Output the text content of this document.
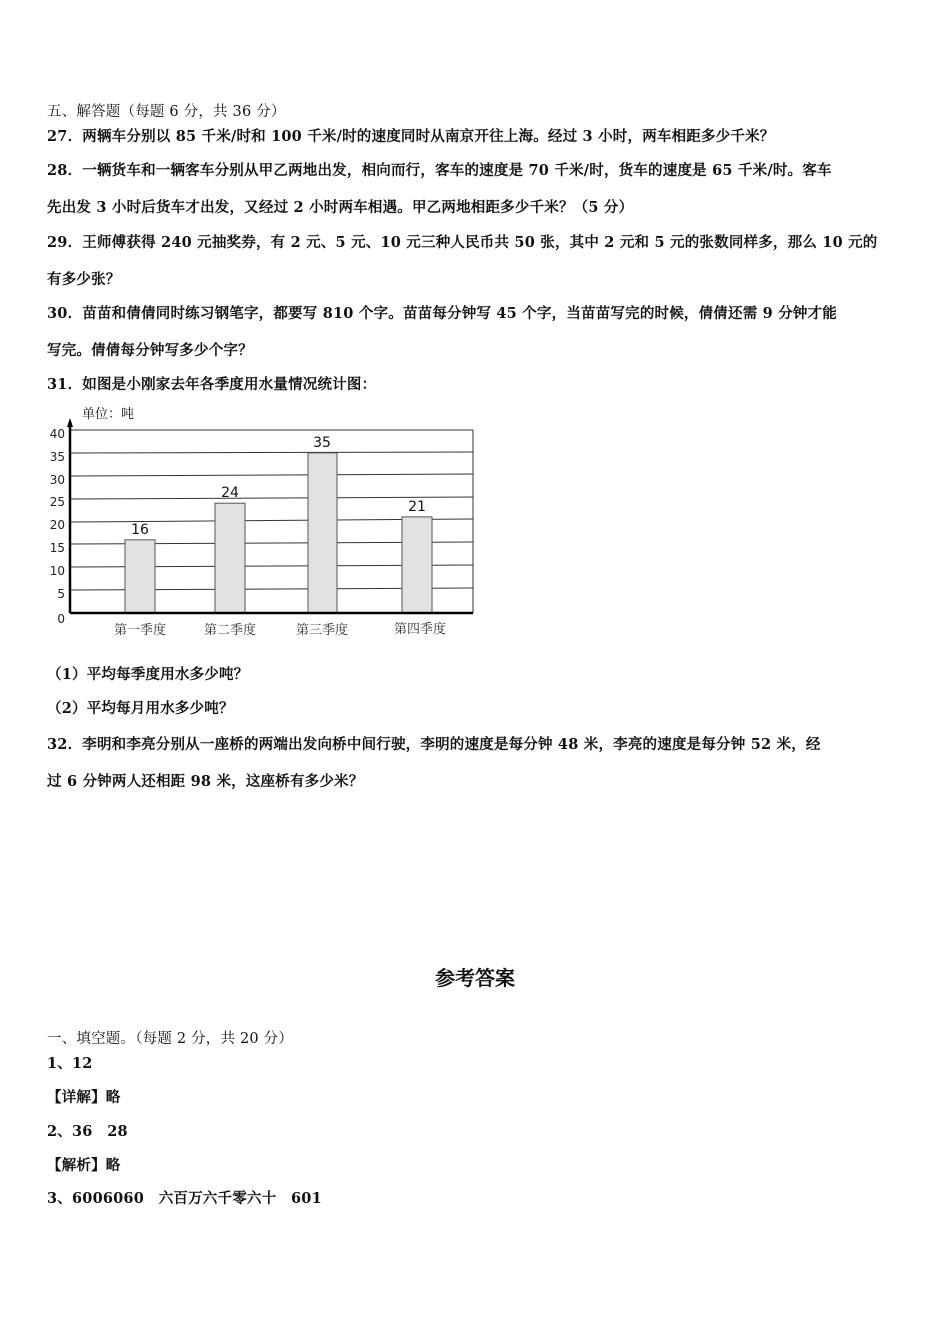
五、解答题（每题 6 分，共 36 分）
27．两辆车分别以 85 千米/时和 100 千米/时的速度同时从南京开往上海。经过 3 小时，两车相距多少千米？
28．一辆货车和一辆客车分别从甲乙两地出发，相向而行，客车的速度是 70 千米/时，货车的速度是 65 千米/时。客车
先出发 3 小时后货车才出发，又经过 2 小时两车相遇。甲乙两地相距多少千米？（5 分）
29．王师傅获得 240 元抽奖券，有 2 元、5 元、10 元三种人民币共 50 张，其中 2 元和 5 元的张数同样多，那么 10 元的
有多少张？
30．苗苗和倩倩同时练习钢笔字，都要写 810 个字。苗苗每分钟写 45 个字，当苗苗写完的时候，倩倩还需 9 分钟才能
写完。倩倩每分钟写多少个字？
31．如图是小刚家去年各季度用水量情况统计图：
单位：吨
40
35
30
25
20
15
10
5
0
16
24
35
21
第一季度	第二季度	第三季度	第四季度
（1）平均每季度用水多少吨？
（2）平均每月用水多少吨？
32．李明和李亮分别从一座桥的两端出发向桥中间行驶，李明的速度是每分钟 48 米，李亮的速度是每分钟 52 米，经
过 6 分钟两人还相距 98 米，这座桥有多少米？
参考答案
一、填空题。（每题 2 分，共 20 分）
1、12
【详解】略
2、36　28
【解析】略
3、6006060　六百万六千零六十　601
